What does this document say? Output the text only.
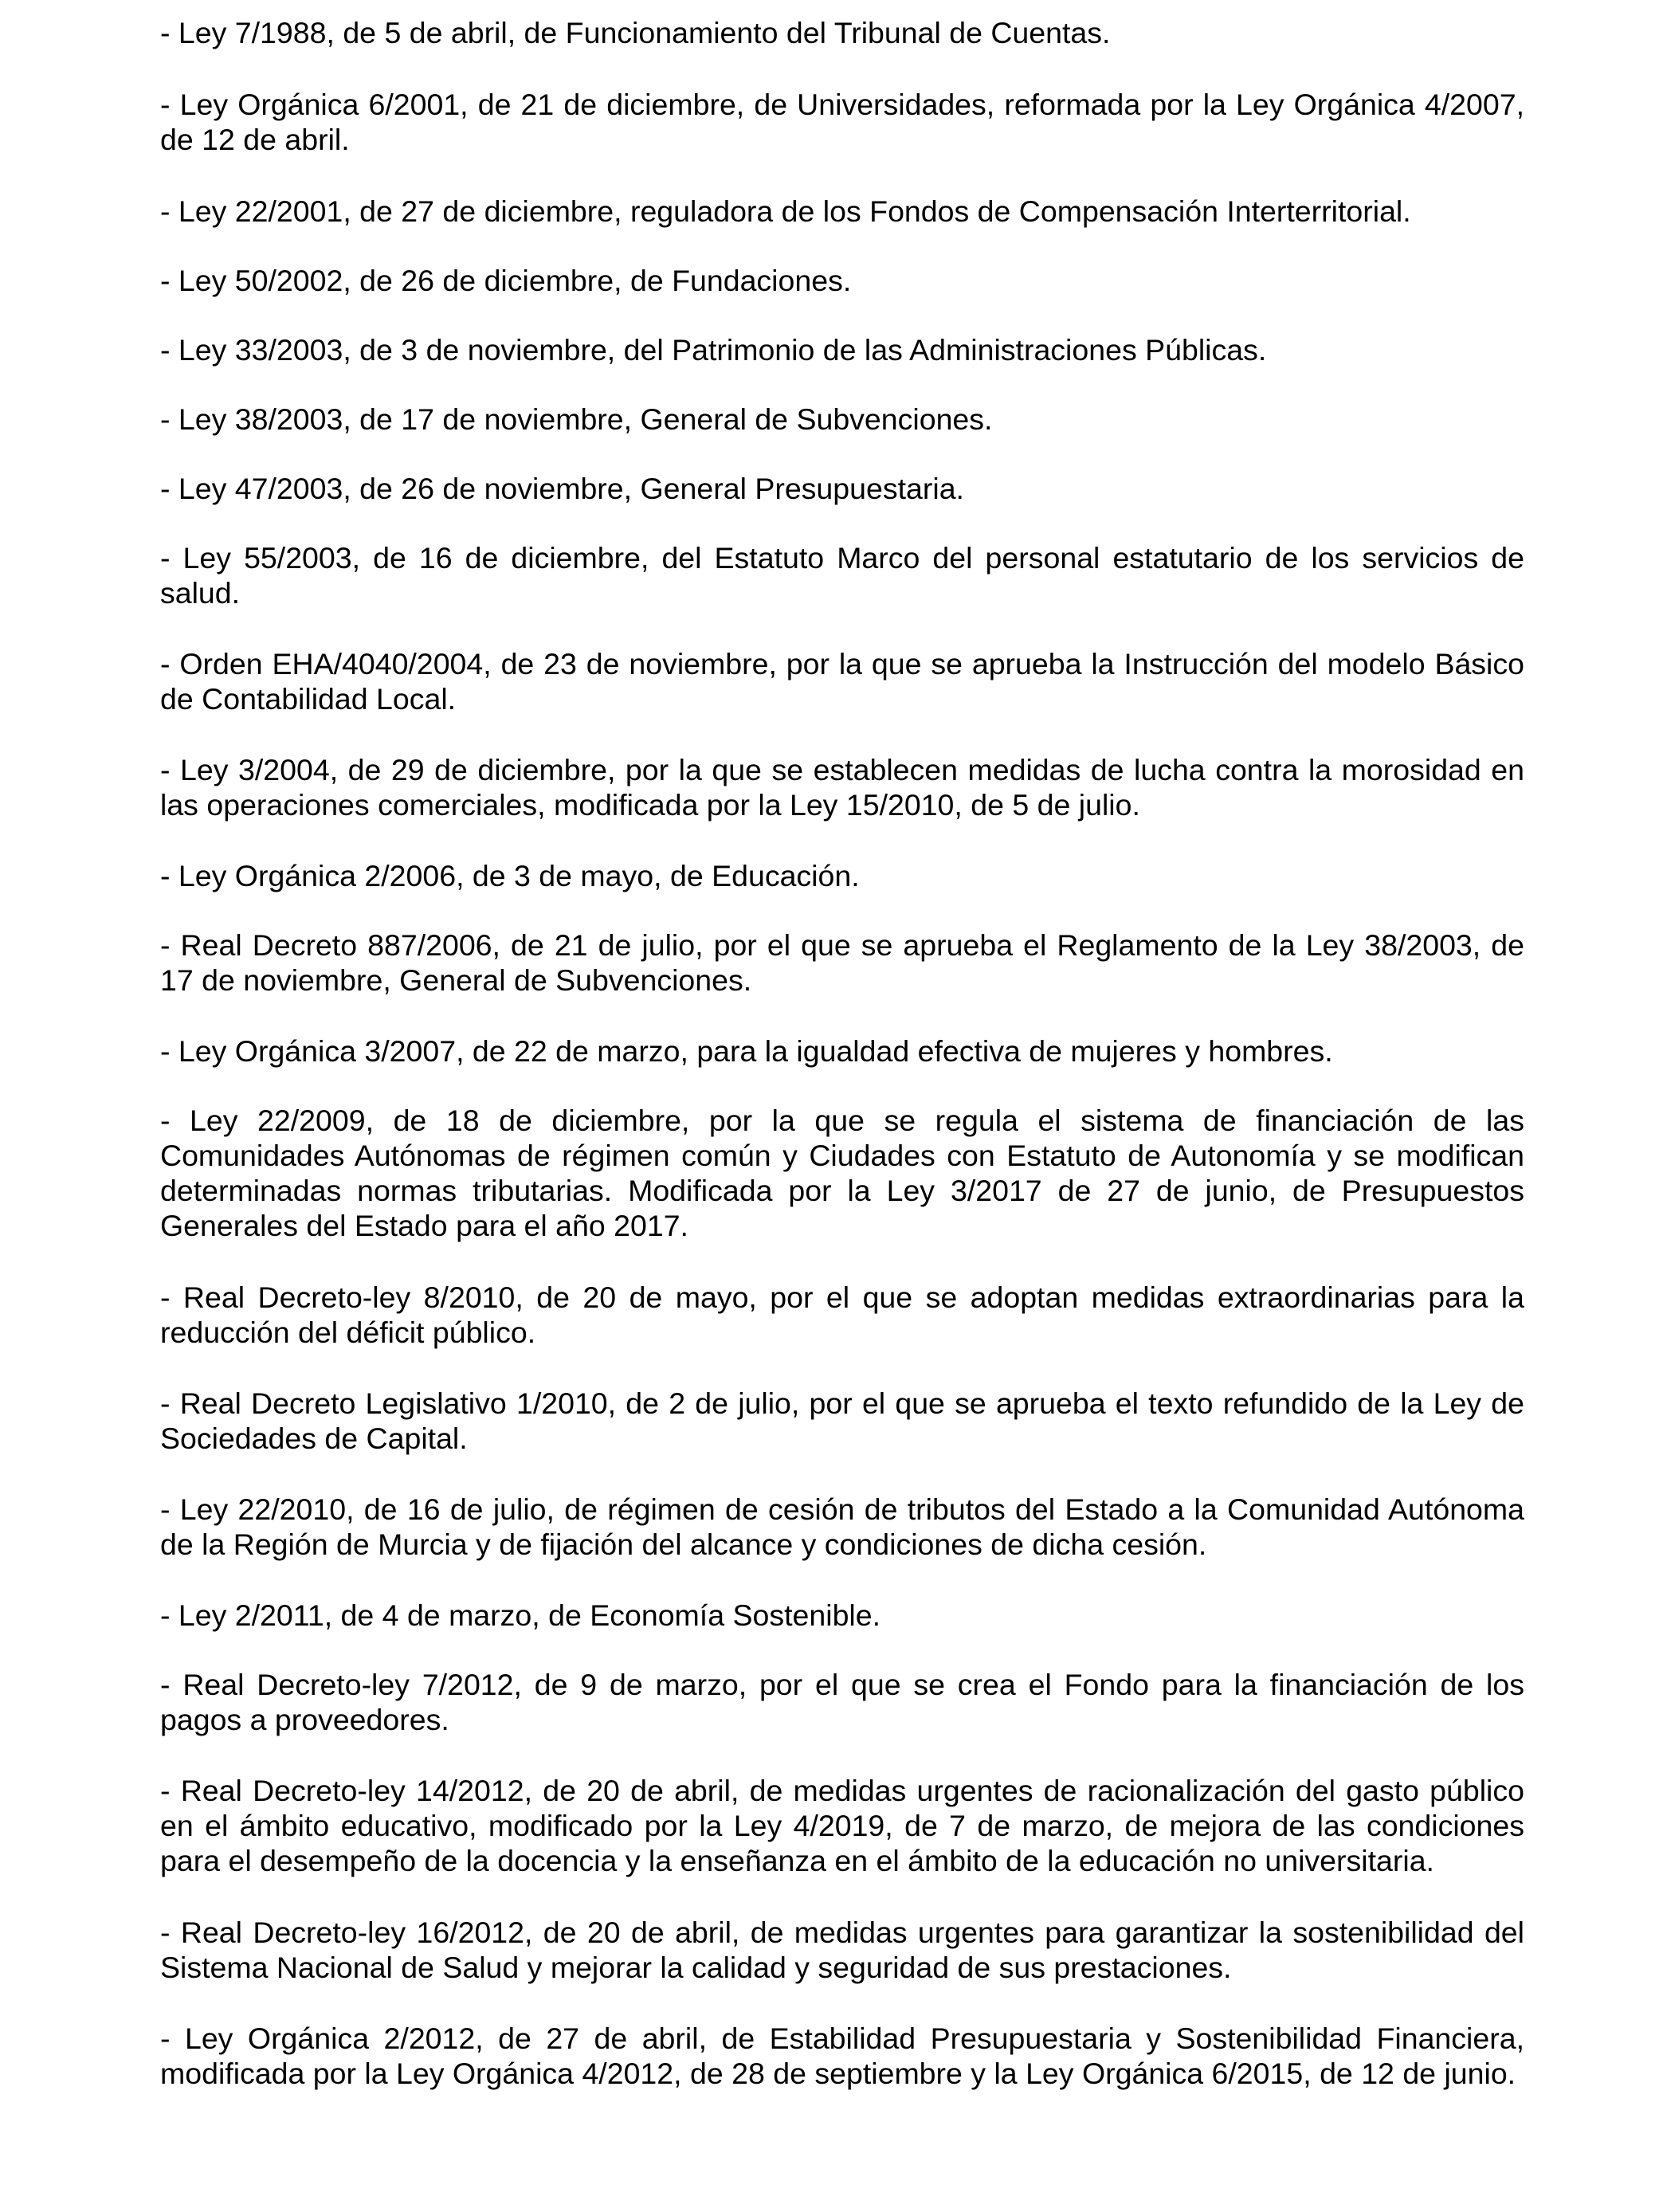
- Ley 7/1988, de 5 de abril, de Funcionamiento del Tribunal de Cuentas.

- Ley Orgánica 6/2001, de 21 de diciembre, de Universidades, reformada por la Ley Orgánica 4/2007, de 12 de abril.

- Ley 22/2001, de 27 de diciembre, reguladora de los Fondos de Compensación Interterritorial.

- Ley 50/2002, de 26 de diciembre, de Fundaciones.

- Ley 33/2003, de 3 de noviembre, del Patrimonio de las Administraciones Públicas.

- Ley 38/2003, de 17 de noviembre, General de Subvenciones.

- Ley 47/2003, de 26 de noviembre, General Presupuestaria.

- Ley 55/2003, de 16 de diciembre, del Estatuto Marco del personal estatutario de los servicios de salud.

- Orden EHA/4040/2004, de 23 de noviembre, por la que se aprueba la Instrucción del modelo Básico de Contabilidad Local.

- Ley 3/2004, de 29 de diciembre, por la que se establecen medidas de lucha contra la morosidad en las operaciones comerciales, modificada por la Ley 15/2010, de 5 de julio.

- Ley Orgánica 2/2006, de 3 de mayo, de Educación.

- Real Decreto 887/2006, de 21 de julio, por el que se aprueba el Reglamento de la Ley 38/2003, de 17 de noviembre, General de Subvenciones.

- Ley Orgánica 3/2007, de 22 de marzo, para la igualdad efectiva de mujeres y hombres.

- Ley 22/2009, de 18 de diciembre, por la que se regula el sistema de financiación de las Comunidades Autónomas de régimen común y Ciudades con Estatuto de Autonomía y se modifican determinadas normas tributarias. Modificada por la Ley 3/2017 de 27 de junio, de Presupuestos Generales del Estado para el año 2017.

- Real Decreto-ley 8/2010, de 20 de mayo, por el que se adoptan medidas extraordinarias para la reducción del déficit público.

- Real Decreto Legislativo 1/2010, de 2 de julio, por el que se aprueba el texto refundido de la Ley de Sociedades de Capital.

- Ley 22/2010, de 16 de julio, de régimen de cesión de tributos del Estado a la Comunidad Autónoma de la Región de Murcia y de fijación del alcance y condiciones de dicha cesión.

- Ley 2/2011, de 4 de marzo, de Economía Sostenible.

- Real Decreto-ley 7/2012, de 9 de marzo, por el que se crea el Fondo para la financiación de los pagos a proveedores.

- Real Decreto-ley 14/2012, de 20 de abril, de medidas urgentes de racionalización del gasto público en el ámbito educativo, modificado por la Ley 4/2019, de 7 de marzo, de mejora de las condiciones para el desempeño de la docencia y la enseñanza en el ámbito de la educación no universitaria.

- Real Decreto-ley 16/2012, de 20 de abril, de medidas urgentes para garantizar la sostenibilidad del Sistema Nacional de Salud y mejorar la calidad y seguridad de sus prestaciones.

- Ley Orgánica 2/2012, de 27 de abril, de Estabilidad Presupuestaria y Sostenibilidad Financiera, modificada por la Ley Orgánica 4/2012, de 28 de septiembre y la Ley Orgánica 6/2015, de 12 de junio.
